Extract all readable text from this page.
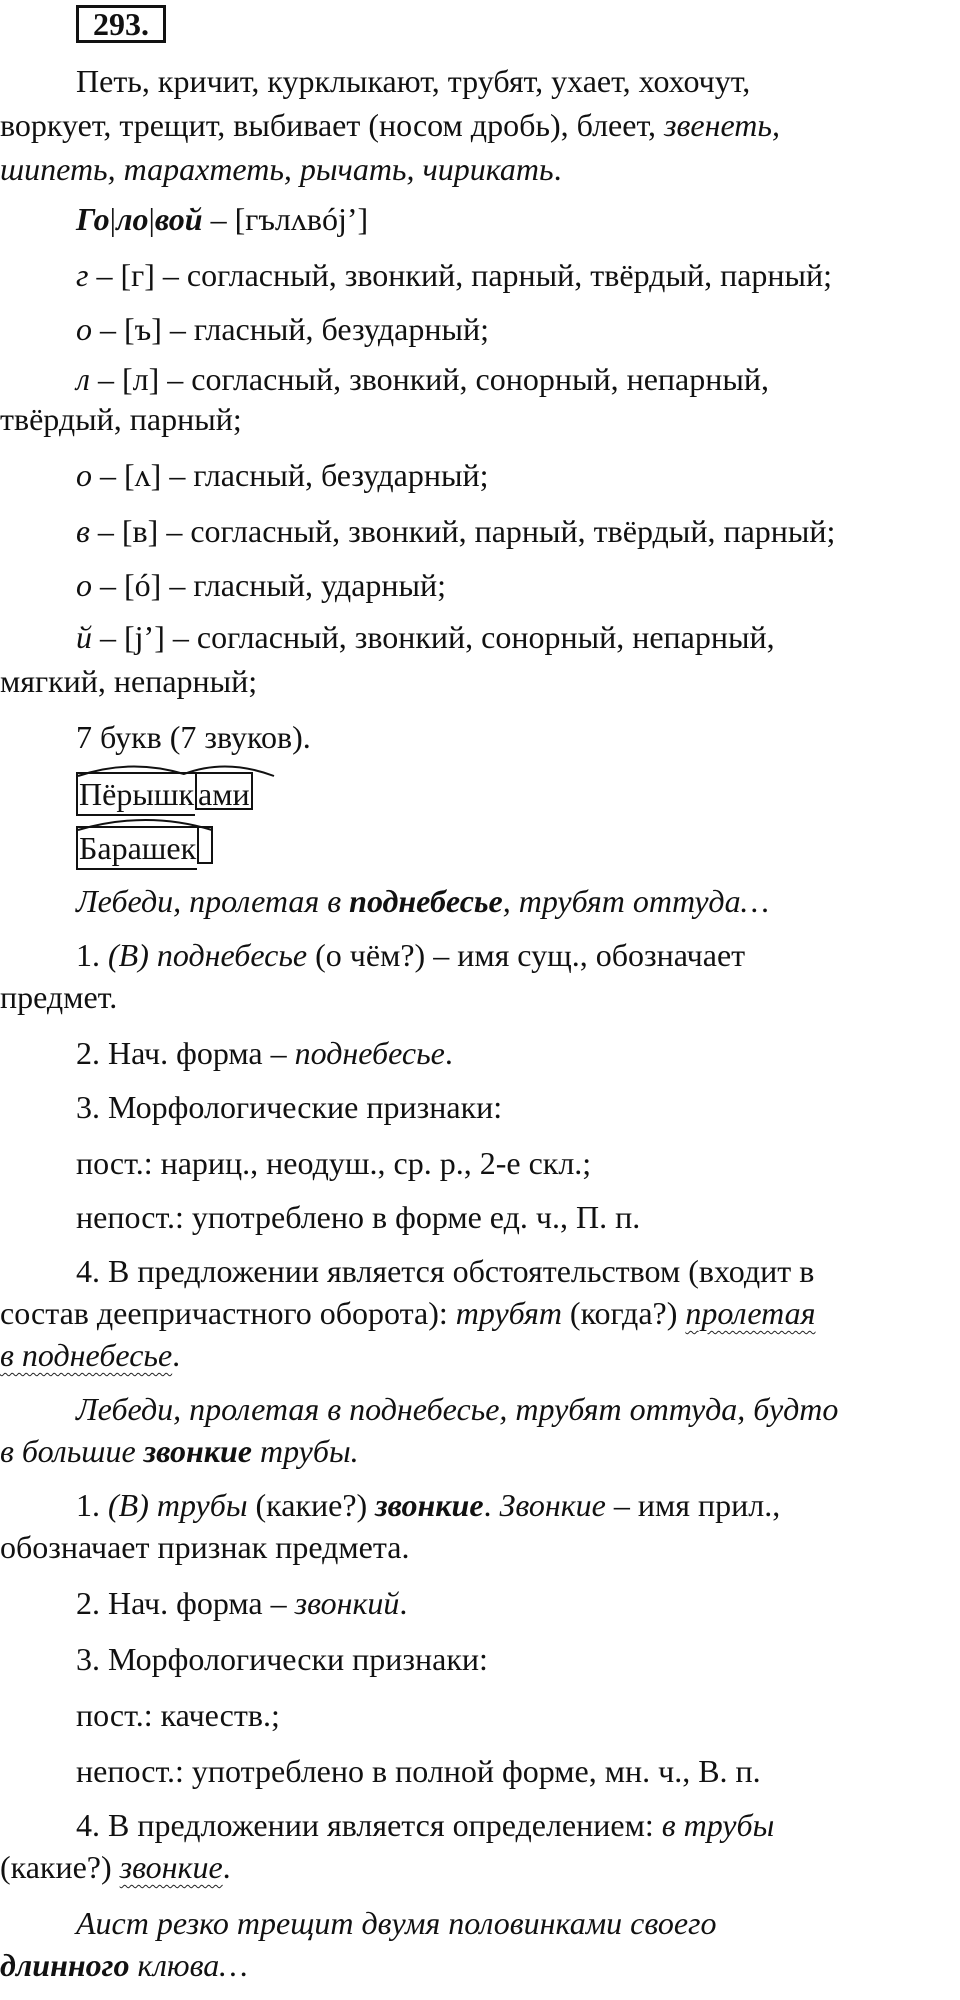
293.
Петь, кричит, курклыкают, трубят, ухает, хохочут,
воркует, трещит, выбивает (носом дробь), блеет, звенеть,
шипеть, тарахтеть, рычать, чирикать.
Го|ло|вой – [гълʌвój’]
г – [г] – согласный, звонкий, парный, твёрдый, парный;
о – [ъ] – гласный, безударный;
л – [л] – согласный, звонкий, сонорный, непарный,
твёрдый, парный;
о – [ʌ] – гласный, безударный;
в – [в] – согласный, звонкий, парный, твёрдый, парный;
о – [ó] – гласный, ударный;
й – [j’] – согласный, звонкий, сонорный, непарный,
мягкий, непарный;
7 букв (7 звуков).
Пёрышк ами
Барашек
Лебеди, пролетая в поднебесье, трубят оттуда…
1. (В) поднебесье (о чём?) – имя сущ., обозначает
предмет.
2. Нач. форма – поднебесье.
3. Морфологические признаки:
пост.: нариц., неодуш., ср. р., 2-е скл.;
непост.: употреблено в форме ед. ч., П. п.
4. В предложении является обстоятельством (входит в
состав деепричастного оборота): трубят (когда?) пролетая
в поднебесье.
Лебеди, пролетая в поднебесье, трубят оттуда, будто
в большие звонкие трубы.
1. (В) трубы (какие?) звонкие. Звонкие – имя прил.,
обозначает признак предмета.
2. Нач. форма – звонкий.
3. Морфологически признаки:
пост.: качеств.;
непост.: употреблено в полной форме, мн. ч., В. п.
4. В предложении является определением: в трубы
(какие?) звонкие.
Аист резко трещит двумя половинками своего
длинного клюва…
